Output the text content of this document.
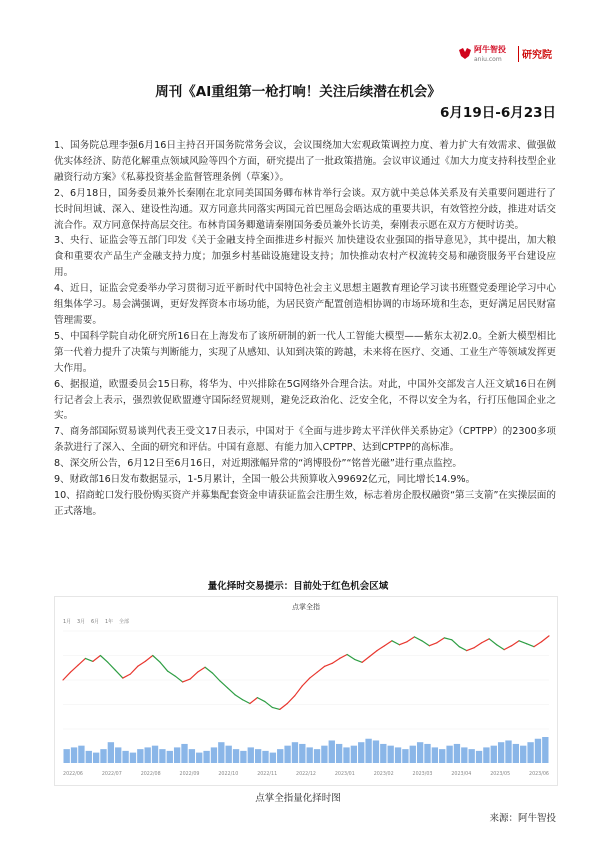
阿牛智投
aniu.com 研究院
周刊《AI重组第一枪打响！关注后续潜在机会》
6月19日-6月23日

1、国务院总理李强6月16日主持召开国务院常务会议，会议围绕加大宏观政策调控力度、着力扩大有效需求、做强做优实体经济、防范化解重点领域风险等四个方面，研究提出了一批政策措施。会议审议通过《加大力度支持科技型企业融资行动方案》《私募投资基金监督管理条例（草案）》。

2、6月18日，国务委员兼外长秦刚在北京同美国国务卿布林肯举行会谈。双方就中美总体关系及有关重要问题进行了长时间坦诚、深入、建设性沟通。双方同意共同落实两国元首巴厘岛会晤达成的重要共识，有效管控分歧，推进对话交流合作。双方同意保持高层交往。布林肯国务卿邀请秦刚国务委员兼外长访美，秦刚表示愿在双方方便时访美。

3、央行、证监会等五部门印发《关于金融支持全面推进乡村振兴 加快建设农业强国的指导意见》，其中提出，加大粮食和重要农产品生产金融支持力度；加强乡村基础设施建设支持；加快推动农村产权流转交易和融资服务平台建设应用。

4、近日，证监会党委举办学习贯彻习近平新时代中国特色社会主义思想主题教育理论学习读书班暨党委理论学习中心组集体学习。易会满强调，更好发挥资本市场功能，为居民资产配置创造相协调的市场环境和生态，更好满足居民财富管理需要。

5、中国科学院自动化研究所16日在上海发布了该所研制的新一代人工智能大模型——紫东太初2.0。全新大模型相比第一代着力提升了决策与判断能力，实现了从感知、认知到决策的跨越，未来将在医疗、交通、工业生产等领域发挥更大作用。

6、据报道，欧盟委员会15日称，将华为、中兴排除在5G网络外合理合法。对此，中国外交部发言人汪文斌16日在例行记者会上表示，强烈敦促欧盟遵守国际经贸规则，避免泛政治化、泛安全化，不得以安全为名，行打压他国企业之实。

7、商务部国际贸易谈判代表王受文17日表示，中国对于《全面与进步跨太平洋伙伴关系协定》（CPTPP）的2300多项条款进行了深入、全面的研究和评估。中国有意愿、有能力加入CPTPP、达到CPTPP的高标准。

8、深交所公告，6月12日至6月16日，对近期涨幅异常的“鸿博股份”“铭普光磁”进行重点监控。

9、财政部16日发布数据显示，1-5月累计，全国一般公共预算收入99692亿元，同比增长14.9%。

10、招商蛇口发行股份购买资产并募集配套资金申请获证监会注册生效，标志着房企股权融资“第三支箭”在实操层面的正式落地。

量化择时交易提示：目前处于红色机会区域
点掌全指
1月 3月 6月 1年 全部
2022/06	2022/07	2022/08	2022/09	2022/10	2022/11	2022/12	2023/01	2023/02	2023/03	2023/04	2023/05	2023/06
点掌全指量化择时图
来源：阿牛智投
